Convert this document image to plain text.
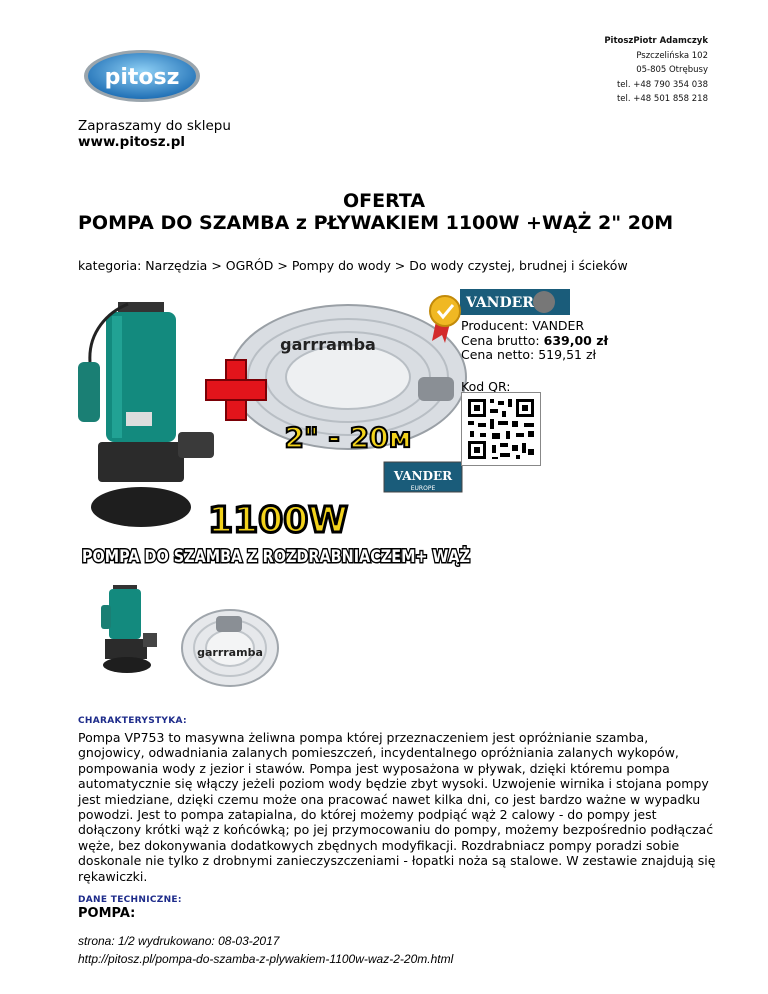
pitosz
PitoszPiotr Adamczyk
Pszczelińska 102
05-805 Otrębusy
tel. +48 790 354 038
tel. +48 501 858 218
Zapraszamy do sklepu
www.pitosz.pl
OFERTA
POMPA DO SZAMBA z PŁYWAKIEM 1100W +WĄŻ 2" 20M
kategoria: Narzędzia > OGRÓD > Pompy do wody > Do wody czystej, brudnej i ścieków
garrramba
2" - 20м
VANDER
EUROPE
1100W
POMPA DO SZAMBA Z ROZDRABNIACZEM+ WĄŻ
VANDER
Producent: VANDER
Cena brutto: 639,00 zł
Cena netto: 519,51 zł
Kod QR:
garrramba
CHARAKTERYSTYKA:
Pompa VP753 to masywna żeliwna pompa której przeznaczeniem jest opróżnianie szamba, gnojowicy, odwadniania zalanych pomieszczeń, incydentalnego opróżniania zalanych wykopów, pompowania wody z jezior i stawów. Pompa jest wyposażona w pływak, dzięki któremu pompa automatycznie się włączy jeżeli poziom wody będzie zbyt wysoki. Uzwojenie wirnika i stojana pompy jest miedziane, dzięki czemu może ona pracować nawet kilka dni, co jest bardzo ważne w wypadku powodzi. Jest to pompa zatapialna, do której możemy podpiąć wąż 2 calowy - do pompy jest dołączony krótki wąż z końcówką; po jej przymocowaniu do pompy, możemy bezpośrednio podłączać węże, bez dokonywania dodatkowych zbędnych modyfikacji. Rozdrabniacz pompy poradzi sobie doskonale nie tylko z drobnymi zanieczyszczeniami - łopatki noża są stalowe. W zestawie znajdują się rękawiczki.
DANE TECHNICZNE:
POMPA:
strona: 1/2 wydrukowano: 08-03-2017
http://pitosz.pl/pompa-do-szamba-z-plywakiem-1100w-waz-2-20m.html
